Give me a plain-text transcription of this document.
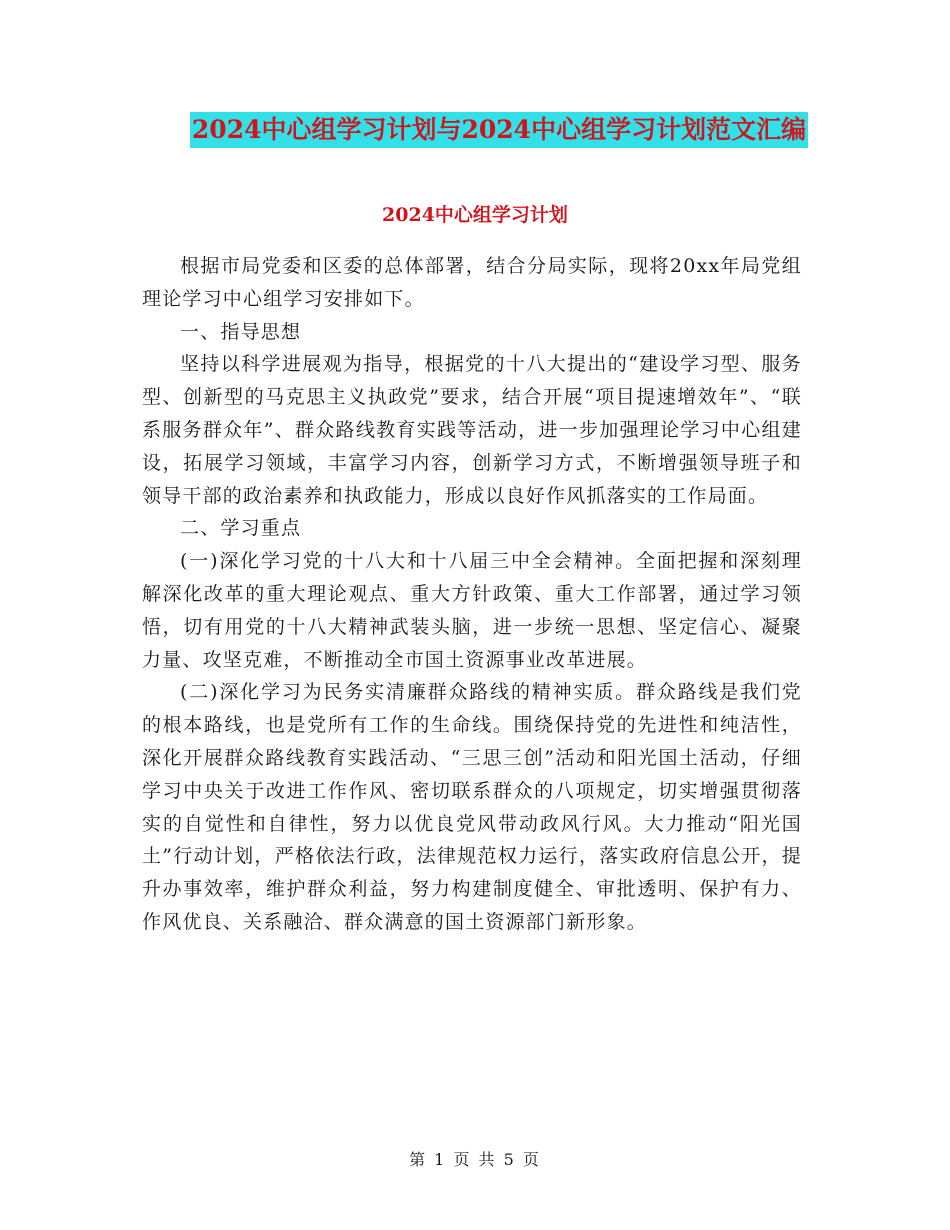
2024中心组学习计划与2024中心组学习计划范文汇编
2024中心组学习计划

根据市局党委和区委的总体部署，结合分局实际，现将20xx年局党组理论学习中心组学习安排如下。

一、指导思想

坚持以科学进展观为指导，根据党的十八大提出的“建设学习型、服务型、创新型的马克思主义执政党”要求，结合开展“项目提速增效年”、“联系服务群众年”、群众路线教育实践等活动，进一步加强理论学习中心组建设，拓展学习领域，丰富学习内容，创新学习方式，不断增强领导班子和领导干部的政治素养和执政能力，形成以良好作风抓落实的工作局面。

二、学习重点

(一)深化学习党的十八大和十八届三中全会精神。全面把握和深刻理解深化改革的重大理论观点、重大方针政策、重大工作部署，通过学习领悟，切有用党的十八大精神武装头脑，进一步统一思想、坚定信心、凝聚力量、攻坚克难，不断推动全市国土资源事业改革进展。

(二)深化学习为民务实清廉群众路线的精神实质。群众路线是我们党的根本路线，也是党所有工作的生命线。围绕保持党的先进性和纯洁性，深化开展群众路线教育实践活动、“三思三创”活动和阳光国土活动，仔细学习中央关于改进工作作风、密切联系群众的八项规定，切实增强贯彻落实的自觉性和自律性，努力以优良党风带动政风行风。大力推动“阳光国土”行动计划，严格依法行政，法律规范权力运行，落实政府信息公开，提升办事效率，维护群众利益，努力构建制度健全、审批透明、保护有力、作风优良、关系融洽、群众满意的国土资源部门新形象。

第 1 页 共 5 页
